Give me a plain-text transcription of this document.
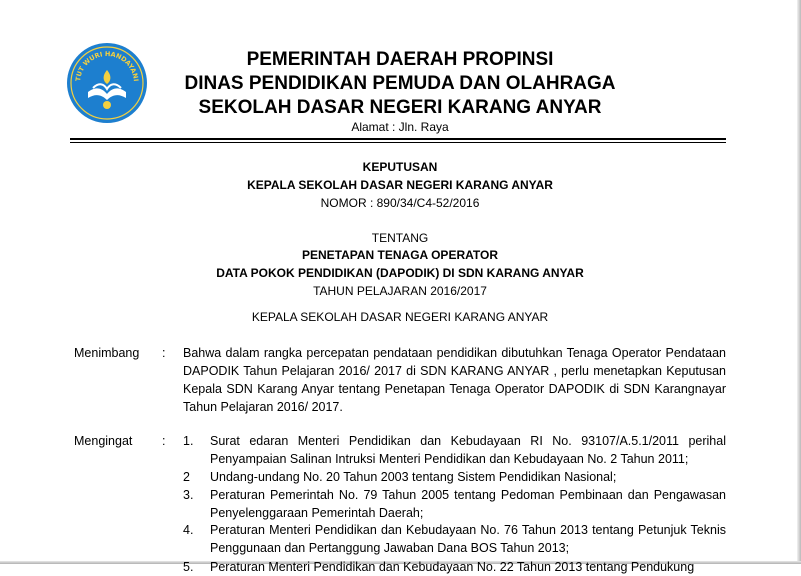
TUT WURI HANDAYANI
PEMERINTAH DAERAH PROPINSI
DINAS PENDIDIKAN PEMUDA DAN OLAHRAGA
SEKOLAH DASAR NEGERI KARANG ANYAR
Alamat : Jln. Raya
KEPUTUSAN
KEPALA SEKOLAH DASAR NEGERI KARANG ANYAR
NOMOR : 890/34/C4-52/2016
TENTANG
PENETAPAN TENAGA OPERATOR
DATA POKOK PENDIDIKAN (DAPODIK) DI SDN KARANG ANYAR
TAHUN PELAJARAN 2016/2017
KEPALA SEKOLAH DASAR NEGERI KARANG ANYAR
Menimbang : Bahwa dalam rangka percepatan pendataan pendidikan dibutuhkan Tenaga Operator Pendataan DAPODIK Tahun Pelajaran 2016/ 2017 di SDN KARANG ANYAR , perlu menetapkan Keputusan Kepala SDN Karang Anyar tentang Penetapan Tenaga Operator DAPODIK di SDN Karangnayar Tahun Pelajaran 2016/ 2017.
Mengingat : 1. Surat edaran Menteri Pendidikan dan Kebudayaan RI No. 93107/A.5.1/2011 perihal Penyampaian Salinan Intruksi Menteri Pendidikan dan Kebudayaan No. 2 Tahun 2011;
2 Undang-undang No. 20 Tahun 2003 tentang Sistem Pendidikan Nasional;
3. Peraturan Pemerintah No. 79 Tahun 2005 tentang Pedoman Pembinaan dan Pengawasan Penyelenggaraan Pemerintah Daerah;
4. Peraturan Menteri Pendidikan dan Kebudayaan No. 76 Tahun 2013 tentang Petunjuk Teknis Penggunaan dan Pertanggung Jawaban Dana BOS Tahun 2013;
5. Peraturan Menteri Pendidikan dan Kebudayaan No. 22 Tahun 2013 tentang Pendukung
